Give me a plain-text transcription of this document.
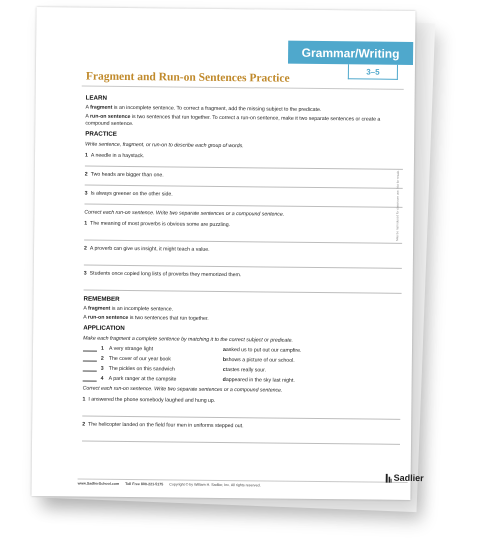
Grammar/Writing
3–5
Fragment and Run-on Sentences Practice
LEARN
A fragment is an incomplete sentence. To correct a fragment, add the missing subject to the predicate.
A run-on sentence is two sentences that run together. To correct a run-on sentence, make it two separate sentences or create a compound sentence.
PRACTICE
Write sentence, fragment, or run-on to describe each group of words.
1 A needle in a haystack.
2 Two heads are bigger than one.
3 Is always greener on the other side.
Correct each run-on sentence. Write two separate sentences or a compound sentence.
1 The meaning of most proverbs is obvious some are puzzling.
2 A proverb can give us insight, it might teach a value.
3 Students once copied long lists of proverbs they memorized them.
REMEMBER
A fragment is an incomplete sentence.
A run-on sentence is two sentences that run together.
APPLICATION
Make each fragment a complete sentence by matching it to the correct subject or predicate.
1 A very strange light	aasked us to put out our campfire.
2 The cover of our year book	bshows a picture of our school.
3 The pickles on this sandwich	ctastes really sour.
4 A park ranger at the campsite	dappeared in the sky last night.
Correct each run-on sentence. Write two separate sentences or a compound sentence.
1 I answered the phone somebody laughed and hung up.
2 The helicopter landed on the field four men in uniforms stepped out.
May be reproduced for classroom use. Not for resale.
www.SadlierSchool.com Toll Free 800-221-5175 Copyright © by William H. Sadlier, Inc. All rights reserved.
Sadlier
